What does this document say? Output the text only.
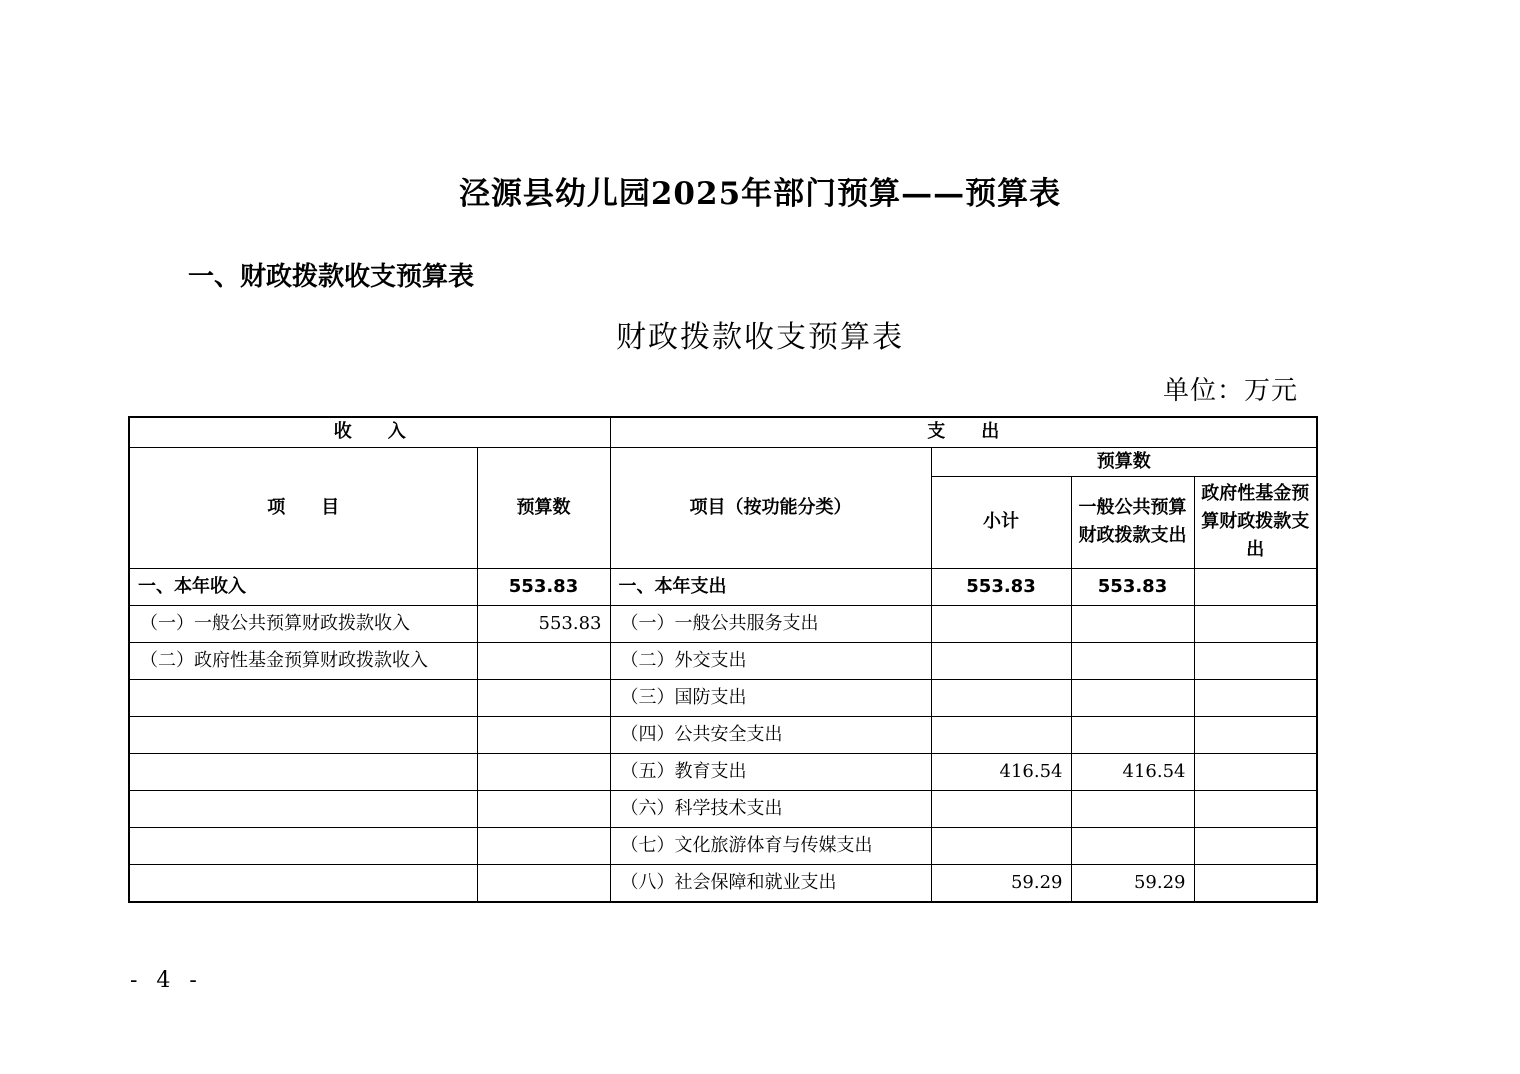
泾源县幼儿园2025年部门预算——预算表
一、财政拨款收支预算表
财政拨款收支预算表
单位：万元
收　　入		支　　出			
项　　目	预算数	项目（按功能分类）	预算数		
			小计	一般公共预算财政拨款支出	政府性基金预算财政拨款支出
一、本年收入	553.83	一、本年支出	553.83	553.83	
（一）一般公共预算财政拨款收入	553.83	（一）一般公共服务支出			
（二）政府性基金预算财政拨款收入		（二）外交支出			
		（三）国防支出			
		（四）公共安全支出			
		（五）教育支出	416.54	416.54	
		（六）科学技术支出			
		（七）文化旅游体育与传媒支出			
		（八）社会保障和就业支出	59.29	59.29	
- 4 -
